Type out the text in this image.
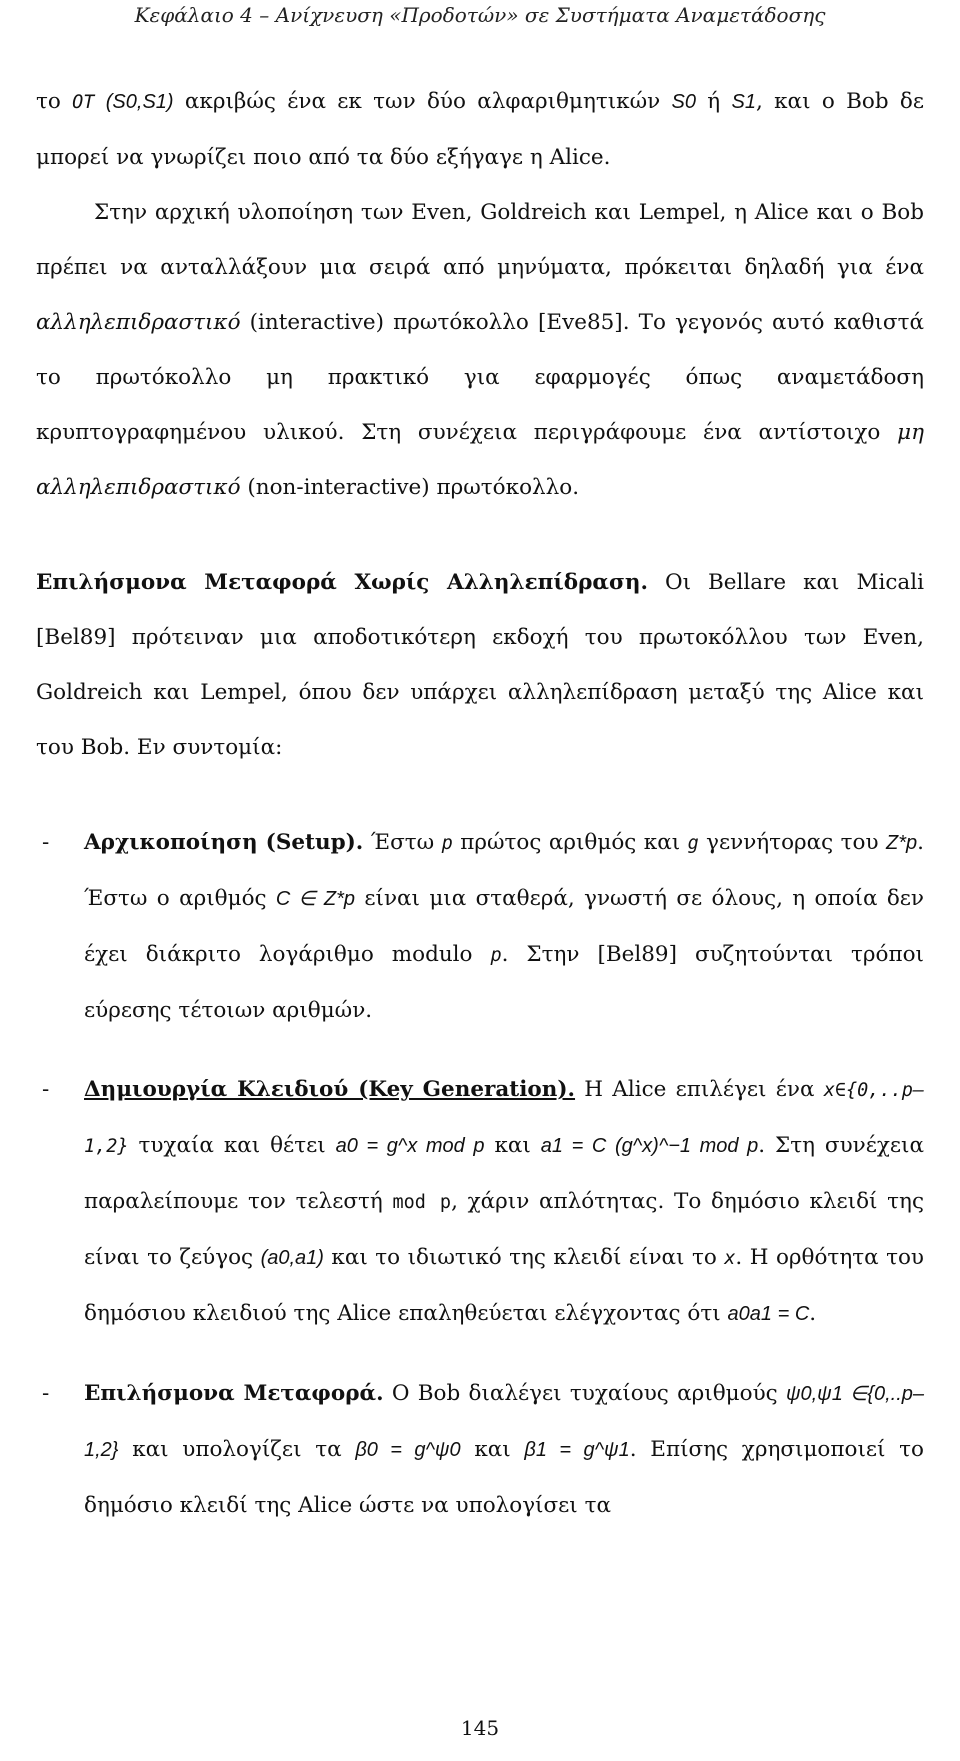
Κεφάλαιο 4 – Ανίχνευση «Προδοτών» σε Συστήματα Αναμετάδοσης

το OT (S0,S1) ακριβώς ένα εκ των δύο αλφαριθμητικών S0 ή S1, και ο Bob δε μπορεί να γνωρίζει ποιο από τα δύο εξήγαγε η Alice.

Στην αρχική υλοποίηση των Even, Goldreich και Lempel, η Alice και ο Bob πρέπει να ανταλλάξουν μια σειρά από μηνύματα, πρόκειται δηλαδή για ένα αλληλεπιδραστικό (interactive) πρωτόκολλο [Eve85]. Το γεγονός αυτό καθιστά το πρωτόκολλο μη πρακτικό για εφαρμογές όπως αναμετάδοση κρυπτογραφημένου υλικού. Στη συνέχεια περιγράφουμε ένα αντίστοιχο μη αλληλεπιδραστικό (non-interactive) πρωτόκολλο.

Επιλήσμονα Μεταφορά Χωρίς Αλληλεπίδραση. Οι Bellare και Micali [Bel89] πρότειναν μια αποδοτικότερη εκδοχή του πρωτοκόλλου των Even, Goldreich και Lempel, όπου δεν υπάρχει αλληλεπίδραση μεταξύ της Alice και του Bob. Εν συντομία:

- Αρχικοποίηση (Setup). Έστω p πρώτος αριθμός και g γεννήτορας του Z*p. Έστω ο αριθμός C ∈ Z*p είναι μια σταθερά, γνωστή σε όλους, η οποία δεν έχει διάκριτο λογάριθμο modulo p. Στην [Bel89] συζητούνται τρόποι εύρεσης τέτοιων αριθμών.

- Δημιουργία Κλειδιού (Key Generation). Η Alice επιλέγει ένα x∈{0,..p–1,2} τυχαία και θέτει a0 = g^x mod p και a1 = C (g^x)^−1 mod p. Στη συνέχεια παραλείπουμε τον τελεστή mod p, χάριν απλότητας. Το δημόσιο κλειδί της είναι το ζεύγος (a0,a1) και το ιδιωτικό της κλειδί είναι το x. Η ορθότητα του δημόσιου κλειδιού της Alice επαληθεύεται ελέγχοντας ότι a0a1 = C.

- Επιλήσμονα Μεταφορά. Ο Bob διαλέγει τυχαίους αριθμούς ψ0,ψ1 ∈{0,..p–1,2} και υπολογίζει τα β0 = g^ψ0 και β1 = g^ψ1. Επίσης χρησιμοποιεί το δημόσιο κλειδί της Alice ώστε να υπολογίσει τα

145
